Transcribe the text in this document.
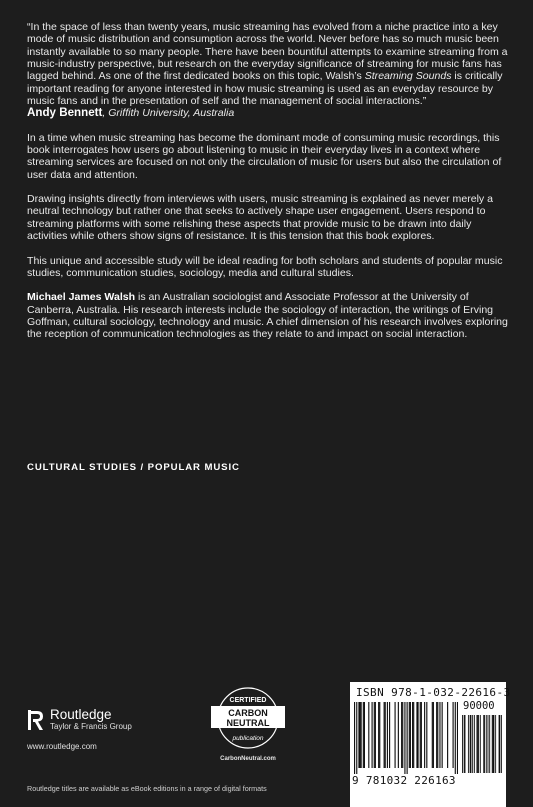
“In the space of less than twenty years, music streaming has evolved from a niche practice into a key mode of music distribution and consumption across the world. Never before has so much music been instantly available to so many people. There have been bountiful attempts to examine streaming from a music-industry perspective, but research on the everyday significance of streaming for music fans has lagged behind. As one of the first dedicated books on this topic, Walsh’s Streaming Sounds is critically important reading for anyone interested in how music streaming is used as an everyday resource by music fans and in the presentation of self and the management of social interactions.”

Andy Bennett, Griffith University, Australia

In a time when music streaming has become the dominant mode of consuming music recordings, this book interrogates how users go about listening to music in their everyday lives in a context where streaming services are focused on not only the circulation of music for users but also the circulation of user data and attention.

Drawing insights directly from interviews with users, music streaming is explained as never merely a neutral technology but rather one that seeks to actively shape user engagement. Users respond to streaming platforms with some relishing these aspects that provide music to be drawn into daily activities while others show signs of resistance. It is this tension that this book explores.

This unique and accessible study will be ideal reading for both scholars and students of popular music studies, communication studies, sociology, media and cultural studies.

Michael James Walsh is an Australian sociologist and Associate Professor at the University of Canberra, Australia. His research interests include the sociology of interaction, the writings of Erving Goffman, cultural sociology, technology and music. A chief dimension of his research involves exploring the reception of communication technologies as they relate to and impact on social interaction.

CULTURAL STUDIES / POPULAR MUSIC
Routledge
Taylor & Francis Group
www.routledge.com
CERTIFIED
CARBON
NEUTRAL
publication
CarbonNeutral.com
ISBN 978-1-032-22616-3
90000
9 781032 226163
Routledge titles are available as eBook editions in a range of digital formats
